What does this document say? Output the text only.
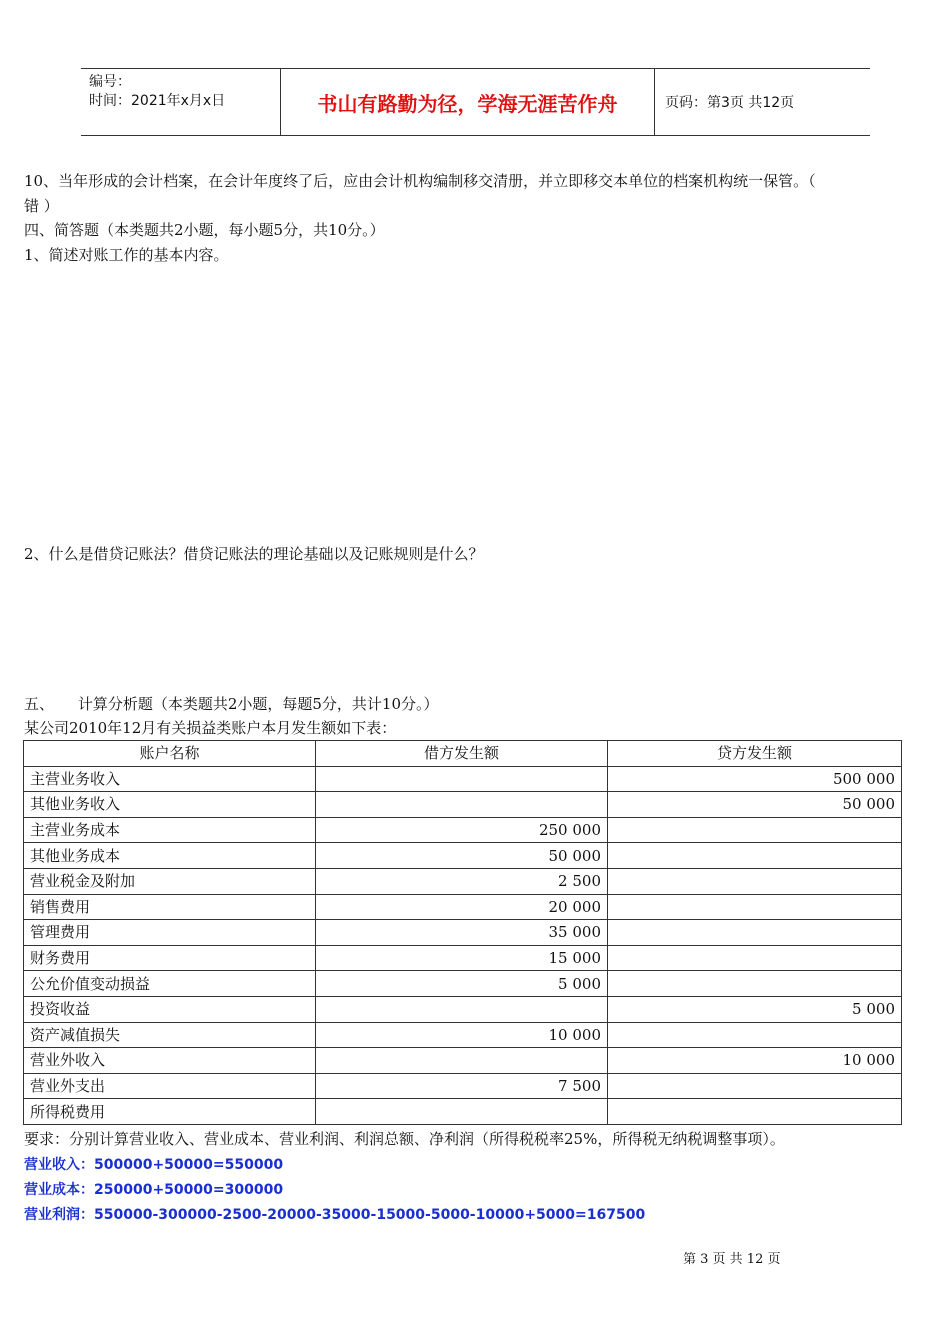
编号：
时间：2021年x月x日	书山有路勤为径，学海无涯苦作舟	页码：第3页 共12页
10、当年形成的会计档案，在会计年度终了后，应由会计机构编制移交清册，并立即移交本单位的档案机构统一保管。（
错 ）
四、简答题（本类题共2小题，每小题5分，共10分。）
1、简述对账工作的基本内容。
2、什么是借贷记账法？借贷记账法的理论基础以及记账规则是什么？
五、     计算分析题（本类题共2小题，每题5分，共计10分。）
某公司2010年12月有关损益类账户本月发生额如下表：
账户名称	借方发生额	贷方发生额
主营业务收入		500 000
其他业务收入		50 000
主营业务成本	250 000	
其他业务成本	50 000	
营业税金及附加	2 500	
销售费用	20 000	
管理费用	35 000	
财务费用	15 000	
公允价值变动损益	5 000	
投资收益		5 000
资产减值损失	10 000	
营业外收入		10 000
营业外支出	7 500	
所得税费用		
要求：分别计算营业收入、营业成本、营业利润、利润总额、净利润（所得税税率25%，所得税无纳税调整事项）。
营业收入：500000+50000=550000
营业成本：250000+50000=300000
营业利润：550000-300000-2500-20000-35000-15000-5000-10000+5000=167500
第 3 页 共 12 页
